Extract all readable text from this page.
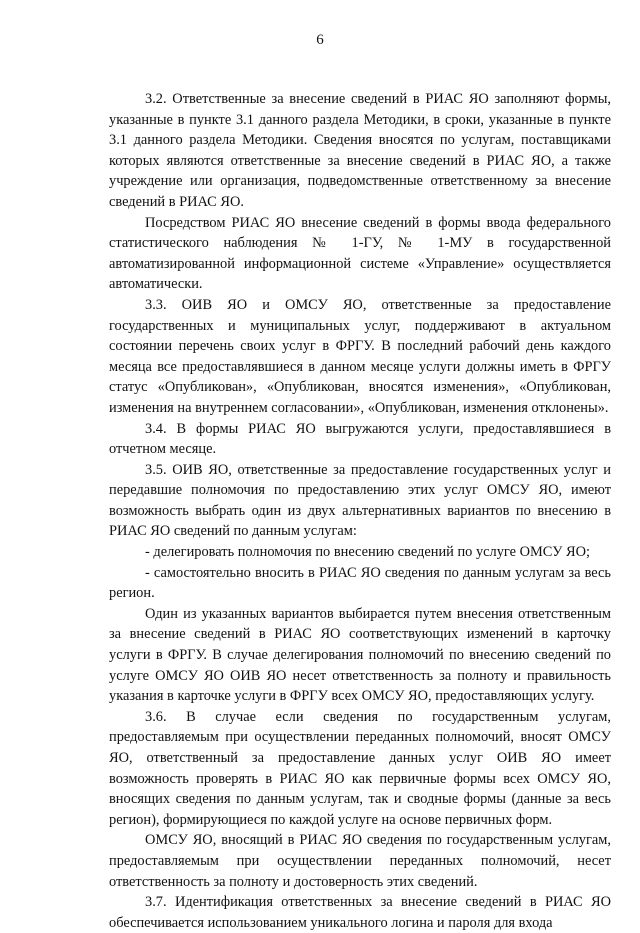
6

3.2. Ответственные за внесение сведений в РИАС ЯО заполняют формы, указанные в пункте 3.1 данного раздела Методики, в сроки, указанные в пункте 3.1 данного раздела Методики. Сведения вносятся по услугам, поставщиками которых являются ответственные за внесение сведений в РИАС ЯО, а также учреждение или организация, подведомственные ответственному за внесение сведений в РИАС ЯО.

Посредством РИАС ЯО внесение сведений в формы ввода федерального статистического наблюдения № 1-ГУ, № 1-МУ в государственной автоматизированной информационной системе «Управление» осуществляется автоматически.

3.3. ОИВ ЯО и ОМСУ ЯО, ответственные за предоставление государственных и муниципальных услуг, поддерживают в актуальном состоянии перечень своих услуг в ФРГУ. В последний рабочий день каждого месяца все предоставлявшиеся в данном месяце услуги должны иметь в ФРГУ статус «Опубликован», «Опубликован, вносятся изменения», «Опубликован, изменения на внутреннем согласовании», «Опубликован, изменения отклонены».

3.4. В формы РИАС ЯО выгружаются услуги, предоставлявшиеся в отчетном месяце.

3.5. ОИВ ЯО, ответственные за предоставление государственных услуг и передавшие полномочия по предоставлению этих услуг ОМСУ ЯО, имеют возможность выбрать один из двух альтернативных вариантов по внесению в РИАС ЯО сведений по данным услугам:

- делегировать полномочия по внесению сведений по услуге ОМСУ ЯО;

- самостоятельно вносить в РИАС ЯО сведения по данным услугам за весь регион.

Один из указанных вариантов выбирается путем внесения ответственным за внесение сведений в РИАС ЯО соответствующих изменений в карточку услуги в ФРГУ. В случае делегирования полномочий по внесению сведений по услуге ОМСУ ЯО ОИВ ЯО несет ответственность за полноту и правильность указания в карточке услуги в ФРГУ всех ОМСУ ЯО, предоставляющих услугу.

3.6. В случае если сведения по государственным услугам, предоставляемым при осуществлении переданных полномочий, вносят ОМСУ ЯО, ответственный за предоставление данных услуг ОИВ ЯО имеет возможность проверять в РИАС ЯО как первичные формы всех ОМСУ ЯО, вносящих сведения по данным услугам, так и сводные формы (данные за весь регион), формирующиеся по каждой услуге на основе первичных форм.

ОМСУ ЯО, вносящий в РИАС ЯО сведения по государственным услугам, предоставляемым при осуществлении переданных полномочий, несет ответственность за полноту и достоверность этих сведений.

3.7. Идентификация ответственных за внесение сведений в РИАС ЯО обеспечивается использованием уникального логина и пароля для входа
